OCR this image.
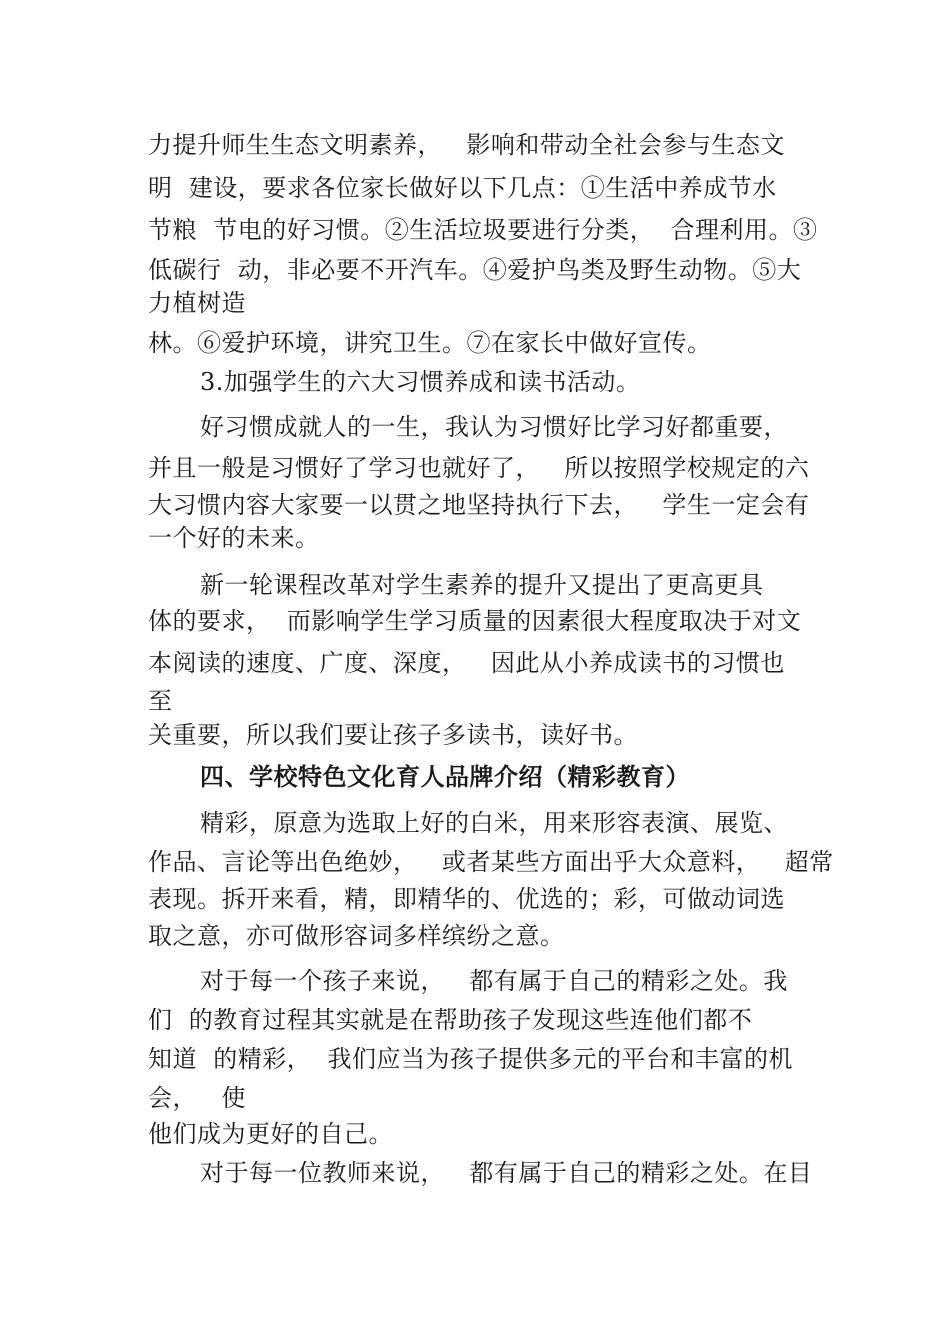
力提升师生生态文明素养，   影响和带动全社会参与生态文
明  建设，要求各位家长做好以下几点：①生活中养成节水
节粮  节电的好习惯。②生活垃圾要进行分类，  合理利用。③
低碳行  动，非必要不开汽车。④爱护鸟类及野生动物。⑤大
力植树造
林。⑥爱护环境，讲究卫生。⑦在家长中做好宣传。
3.加强学生的六大习惯养成和读书活动。
好习惯成就人的一生，我认为习惯好比学习好都重要，
并且一般是习惯好了学习也就好了，   所以按照学校规定的六
大习惯内容大家要一以贯之地坚持执行下去，   学生一定会有
一个好的未来。
新一轮课程改革对学生素养的提升又提出了更高更具
体的要求，  而影响学生学习质量的因素很大程度取决于对文
本阅读的速度、广度、深度，   因此从小养成读书的习惯也
至
关重要，所以我们要让孩子多读书，读好书。
四、学校特色文化育人品牌介绍（精彩教育）
精彩，原意为选取上好的白米，用来形容表演、展览、
作品、言论等出色绝妙，   或者某些方面出乎大众意料，   超常
表现。拆开来看，精，即精华的、优选的；彩，可做动词选
取之意，亦可做形容词多样缤纷之意。
对于每一个孩子来说，   都有属于自己的精彩之处。我
们  的教育过程其实就是在帮助孩子发现这些连他们都不
知道  的精彩，  我们应当为孩子提供多元的平台和丰富的机
会，   使
他们成为更好的自己。
对于每一位教师来说，   都有属于自己的精彩之处。在目
